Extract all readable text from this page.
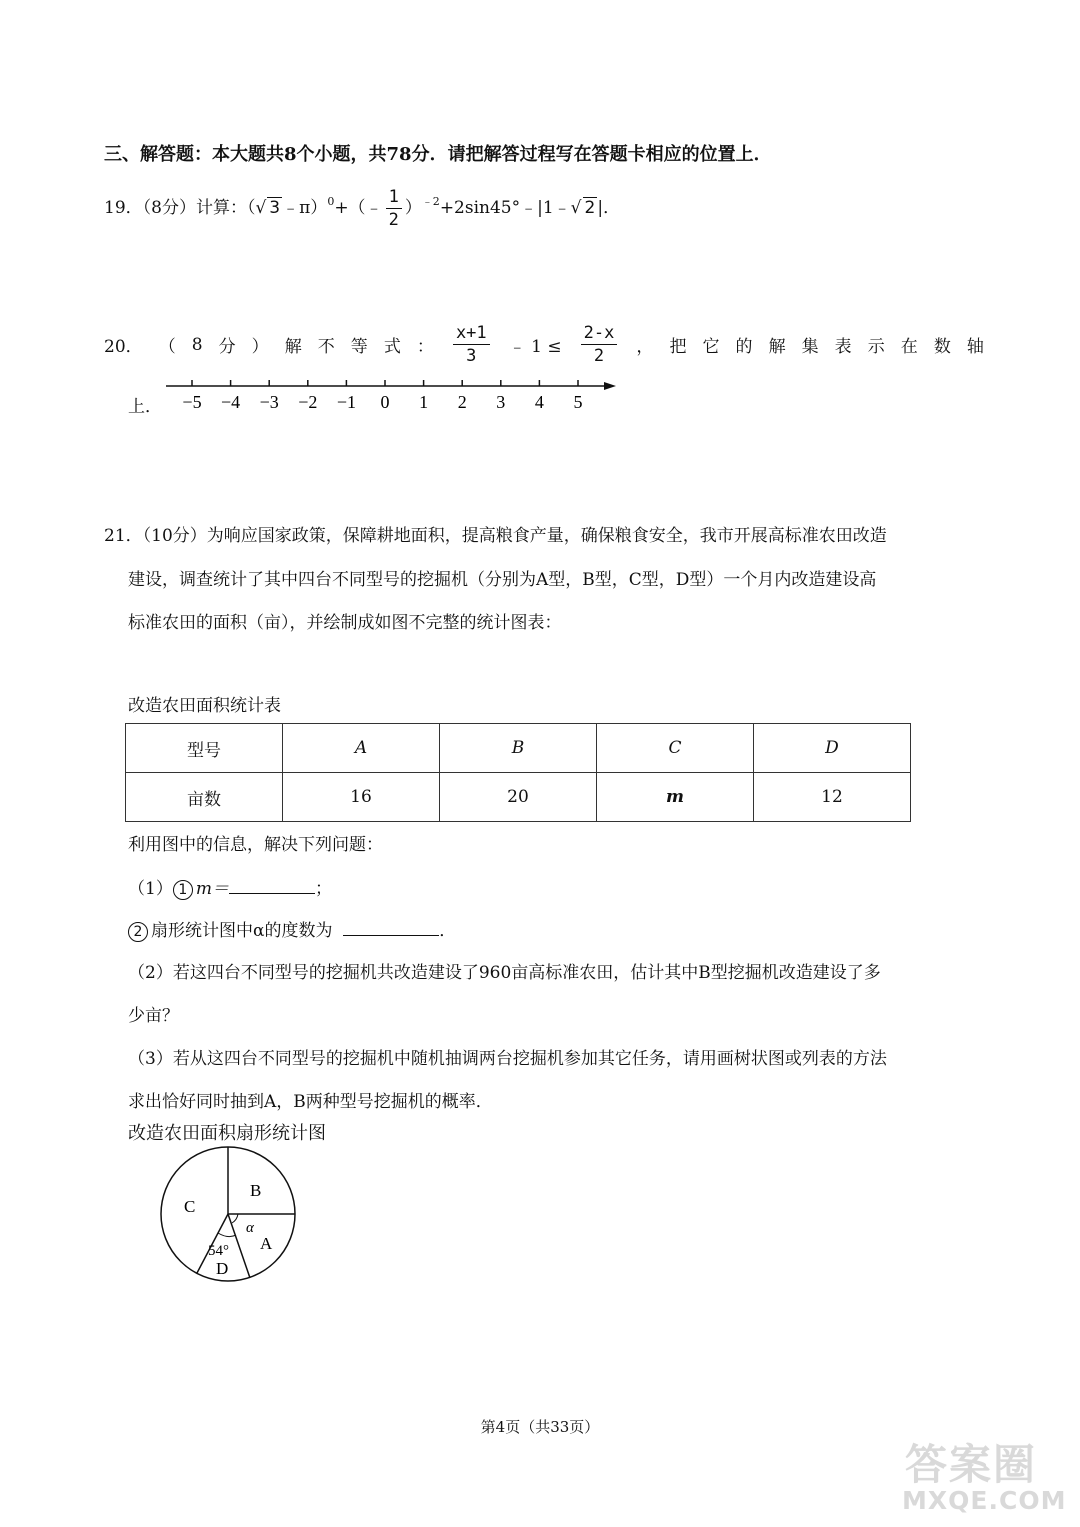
三、解答题：本大题共8个小题，共78分．请把解答过程写在答题卡相应的位置上．
19．（8分）计算：（√ 3 ﹣π）$^0$+（﹣ $\frac{1}{2}$ ）$^{﹣2}$+2sin45°﹣|1﹣√ 2 |．
20． （ 8 分 ） 解 不 等 式 ： $\frac{x+1}{3}$ ﹣ $1 \le \frac{2-x}{2}$ ， 把 它 的 解 集 表 示 在 数 轴
上． −5 −4 −3 −2 −1 0 1 2 3 4 5
21．（10分）为响应国家政策，保障耕地面积，提高粮食产量，确保粮食安全，我市开展高标准农田改造
建设，调查统计了其中四台不同型号的挖掘机（分别为A型，B型，C型，D型）一个月内改造建设高
标准农田的面积（亩），并绘制成如图不完整的统计图表：
改造农田面积统计表
型号	A	B	C	D
亩数	16	20	m	12
利用图中的信息，解决下列问题：
（1） 1 m＝	；
2 扇形统计图中α的度数为	．
（2）若这四台不同型号的挖掘机共改造建设了960亩高标准农田，估计其中B型挖掘机改造建设了多
少亩？
（3）若从这四台不同型号的挖掘机中随机抽调两台挖掘机参加其它任务，请用画树状图或列表的方法
求出恰好同时抽到A，B两种型号挖掘机的概率．
改造农田面积扇形统计图
B
C
A
D
54°
α
第4页（共33页）
答案圈
MXQE.COM
